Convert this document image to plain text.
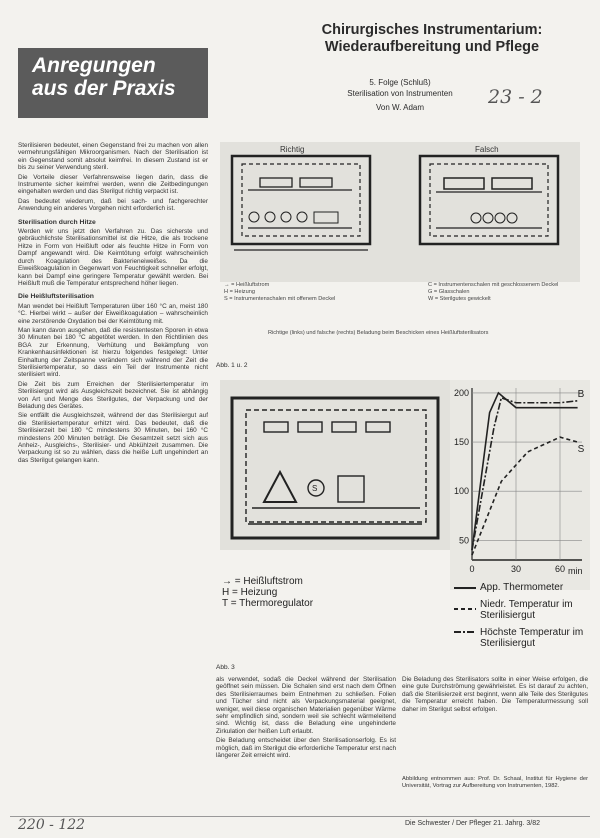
Anregungen
aus der Praxis
Chirurgisches Instrumentarium:
Wiederaufbereitung und Pflege
5. Folge (Schluß)
Sterilisation von Instrumenten
Von W. Adam	23 - 2

Sterilisieren bedeutet, einen Gegenstand frei zu machen von allen vermehrungsfähigen Mikroorganismen. Nach der Sterilisation ist ein Gegenstand somit absolut keimfrei. In diesem Zustand ist er bis zu seiner Verwendung steril.

Die Vorteile dieser Verfahrensweise liegen darin, dass die Instrumente sicher keimfrei werden, wenn die Zeitbedingungen eingehalten werden und das Sterilgut richtig verpackt ist.

Das bedeutet wiederum, daß bei sach- und fachgerechter Anwendung ein anderes Vorgehen nicht erforderlich ist.

Sterilisation durch Hitze

Werden wir uns jetzt den Verfahren zu. Das sicherste und gebräuchlichste Sterilisationsmittel ist die Hitze, die als trockene Hitze in Form von Heißluft oder als feuchte Hitze in Form von Dampf angewandt wird. Die Keimtötung erfolgt wahrscheinlich durch Koagulation des Bakterieneiweißes. Da die Eiweißkoagulation in Gegenwart von Feuchtigkeit schneller erfolgt, kann bei Dampf eine geringere Temperatur gewählt werden. Bei Heißluft muß die Temperatur entsprechend höher liegen.

Die Heißluftsterilisation

Man wendet bei Heißluft Temperaturen über 160 °C an, meist 180 °C. Hierbei wirkt – außer der Eiweißkoagulation – wahrscheinlich eine zerstörende Oxydation bei der Keimtötung mit.

Man kann davon ausgehen, daß die resistentesten Sporen in etwa 30 Minuten bei 180 °C abgetötet werden. In den Richtlinien des BGA zur Erkennung, Verhütung und Bekämpfung von Krankenhausinfektionen ist hierzu folgendes festgelegt: Unter Einhaltung der Zeitspanne verändern sich während der Zeit die Sterilisiertemperatur, so dass ein Teil der Instrumente nicht sterilisiert wird.

Die Zeit bis zum Erreichen der Sterilisiertemperatur im Sterilisiergut wird als Ausgleichszeit bezeichnet. Sie ist abhängig von Art und Menge des Sterilgutes, der Verpackung und der Beladung des Gerätes.

Sie entfällt die Ausgleichszeit, während der das Sterilisiergut auf die Sterilisiertemperatur erhitzt wird. Das bedeutet, daß die Sterilisierzeit bei 180 °C mindestens 30 Minuten, bei 160 °C mindestens 200 Minuten beträgt. Die Gesamtzeit setzt sich aus Anheiz-, Ausgleichs-, Sterilisier- und Abkühlzeit zusammen. Die Verpackung ist so zu wählen, dass die heiße Luft ungehindert an das Sterilgut gelangen kann.

Richtig	Falsch
→ = Heißluftstrom
H = Heizung
S = Instrumentenschalen mit offenem Deckel
C = Instrumentenschalen mit geschlossenem Deckel
G = Glasschalen
W = Sterilgutes gewickelt
Richtige (links) und falsche (rechts) Beladung beim Beschicken eines Heißluftsterilisators
Abb. 1 u. 2
S
S
B
50
100
150
200
0	30	60 min
→ = Heißluftstrom
H = Heizung
T = Thermoregulator
App. Thermometer
Niedr. Temperatur im Sterilisiergut
Höchste Temperatur im Sterilisiergut
Abb. 3

als verwendet, sodaß die Deckel während der Sterilisation geöffnet sein müssen. Die Schalen sind erst nach dem Öffnen des Sterilisierraumes beim Entnehmen zu schließen. Folien und Tücher sind nicht als Verpackungsmaterial geeignet, weniger, weil diese organischen Materialien gegenüber Wärme sehr empfindlich sind, sondern weil sie schlecht wärmeleitend sind. Wichtig ist, dass die Beladung eine ungehinderte Zirkulation der heißen Luft erlaubt.

Die Beladung entscheidet über den Sterilisationserfolg. Es ist möglich, daß im Sterilgut die erforderliche Temperatur erst nach längerer Zeit erreicht wird.

Die Beladung des Sterilisators sollte in einer Weise erfolgen, die eine gute Durchströmung gewährleistet. Es ist darauf zu achten, daß die Sterilisierzeit erst beginnt, wenn alle Teile des Sterilgutes die Temperatur erreicht haben. Die Temperaturmessung soll daher im Sterilgut selbst erfolgen.

Abbildung entnommen aus: Prof. Dr. Schaal, Institut für Hygiene der Universität, Vortrag zur Aufbereitung von Instrumenten, 1982.
220 - 122	Die Schwester / Der Pfleger 21. Jahrg. 3/82
